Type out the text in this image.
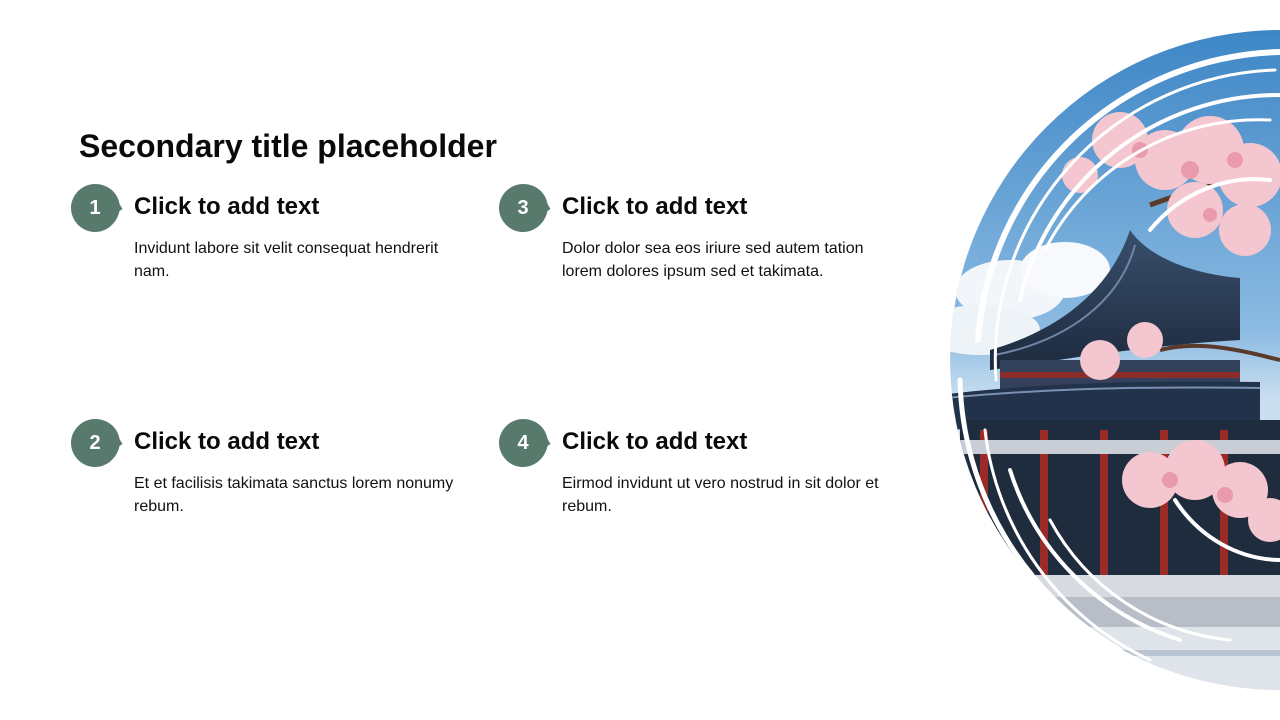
Secondary title placeholder
1	Click to add text
Invidunt labore sit velit consequat hendrerit nam.
2	Click to add text
Et et facilisis takimata sanctus lorem nonumy rebum.
3	Click to add text
Dolor dolor sea eos iriure sed autem tation lorem dolores ipsum sed et takimata.
4	Click to add text
Eirmod invidunt ut vero nostrud in sit dolor et rebum.
